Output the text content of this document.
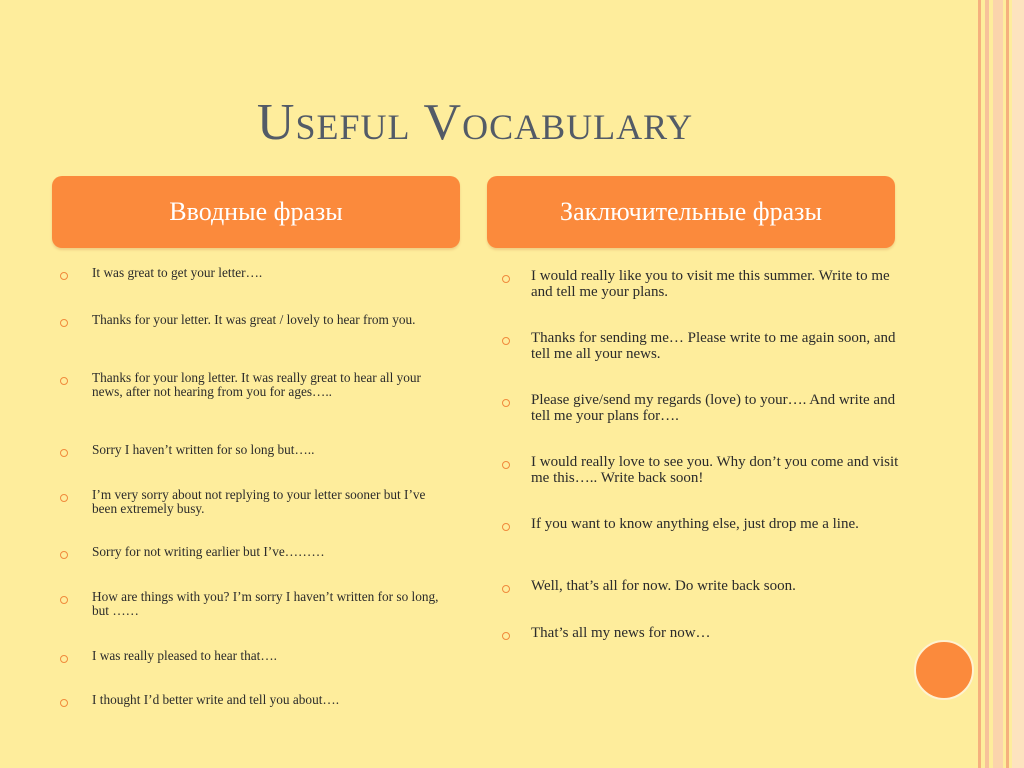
Useful Vocabulary
Вводные фразы	Заключительные фразы
It was great to get your letter….
Thanks for your letter. It was great / lovely to hear from you.
Thanks for your long letter. It was really great to hear all your news, after not hearing from you for ages…..
Sorry I haven’t written for so long but…..
I’m very sorry about not replying to your letter sooner but I’ve been extremely busy.
Sorry for not writing earlier but I’ve………
How are things with you? I’m sorry I haven’t written for so long, but ……
I was really pleased to hear that….
I thought I’d better write and tell you about….
I would really like you to visit me this summer. Write to me and tell me your plans.
Thanks for sending me… Please write to me again soon, and tell me all your news.
Please give/send my regards (love) to your…. And write and tell me your plans for….
I would really love to see you. Why don’t you come and visit me this….. Write back soon!
If you want to know anything else, just drop me a line.
Well, that’s all for now. Do write back soon.
That’s all my news for now…
